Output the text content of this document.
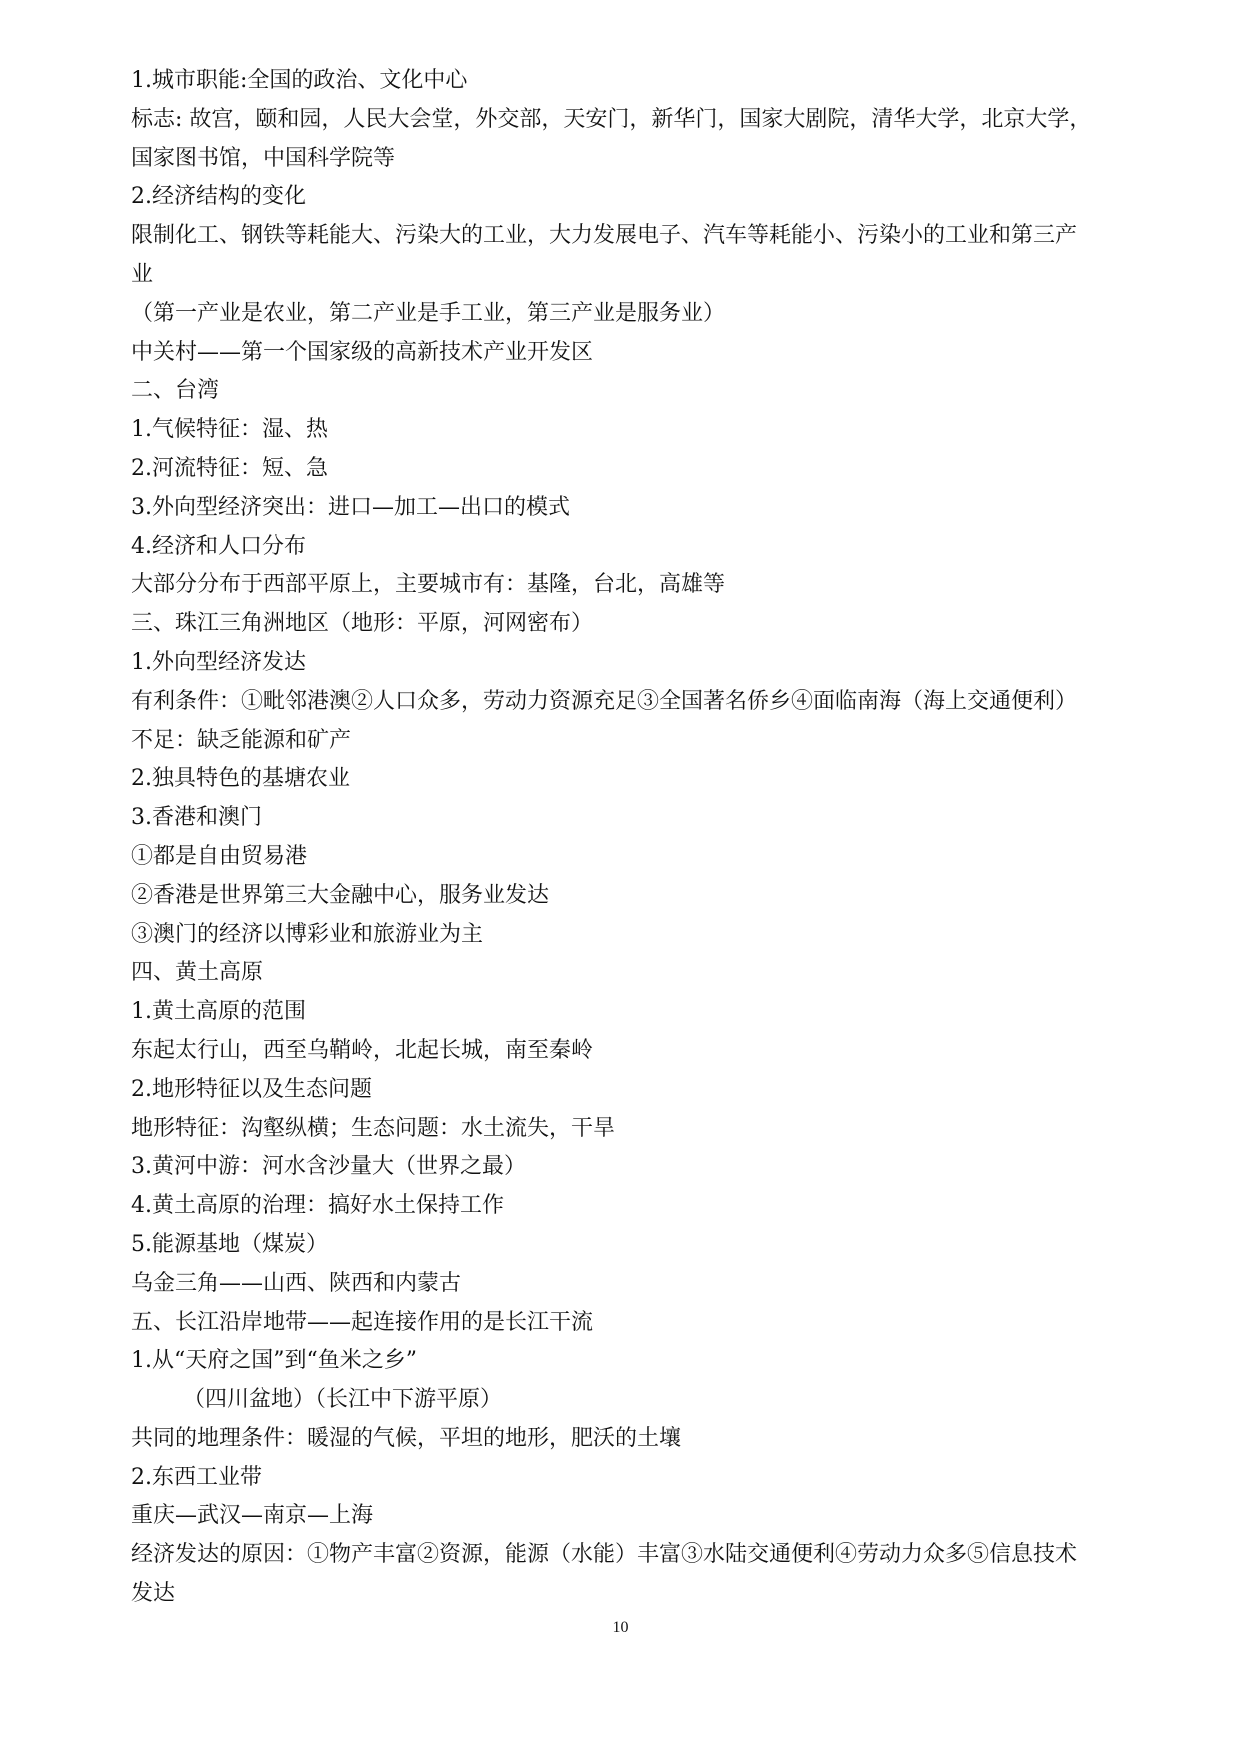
1.城市职能:全国的政治、文化中心

标志: 故宫，颐和园，人民大会堂，外交部，天安门，新华门，国家大剧院，清华大学，北京大学，

国家图书馆，中国科学院等

2.经济结构的变化

限制化工、钢铁等耗能大、污染大的工业，大力发展电子、汽车等耗能小、污染小的工业和第三产

业

（第一产业是农业，第二产业是手工业，第三产业是服务业）

中关村——第一个国家级的高新技术产业开发区

二、台湾

1.气候特征：湿、热

2.河流特征：短、急

3.外向型经济突出：进口—加工—出口的模式

4.经济和人口分布

大部分分布于西部平原上，主要城市有：基隆，台北，高雄等

三、珠江三角洲地区（地形：平原，河网密布）

1.外向型经济发达

有利条件：①毗邻港澳②人口众多，劳动力资源充足③全国著名侨乡④面临南海（海上交通便利）

不足：缺乏能源和矿产

2.独具特色的基塘农业

3.香港和澳门

①都是自由贸易港

②香港是世界第三大金融中心，服务业发达

③澳门的经济以博彩业和旅游业为主

四、黄土高原

1.黄土高原的范围

东起太行山，西至乌鞘岭，北起长城，南至秦岭

2.地形特征以及生态问题

地形特征：沟壑纵横；生态问题：水土流失，干旱

3.黄河中游：河水含沙量大（世界之最）

4.黄土高原的治理：搞好水土保持工作

5.能源基地（煤炭）

乌金三角——山西、陕西和内蒙古

五、长江沿岸地带——起连接作用的是长江干流

1.从“天府之国”到“鱼米之乡”

（四川盆地）（长江中下游平原）

共同的地理条件：暖湿的气候，平坦的地形，肥沃的土壤

2.东西工业带

重庆—武汉—南京—上海

经济发达的原因：①物产丰富②资源，能源（水能）丰富③水陆交通便利④劳动力众多⑤信息技术

发达

10
